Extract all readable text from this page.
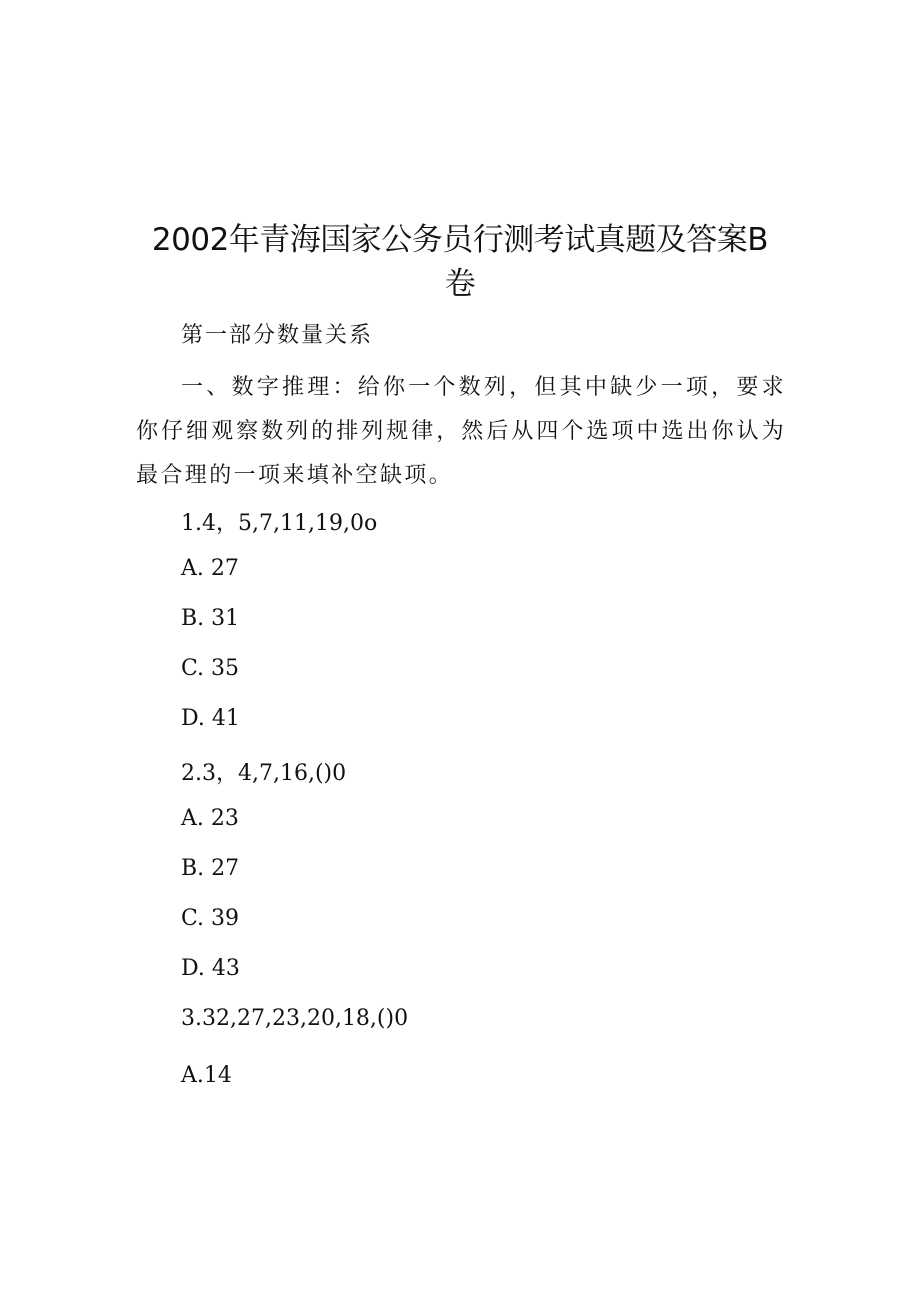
2002年青海国家公务员行测考试真题及答案B卷
第一部分数量关系
一、数字推理：给你一个数列，但其中缺少一项，要求你仔细观察数列的排列规律，然后从四个选项中选出你认为最合理的一项来填补空缺项。
1.4，5,7,11,19,0o
A. 27
B. 31
C. 35
D. 41
2.3，4,7,16,()0
A. 23
B. 27
C. 39
D. 43
3.32,27,23,20,18,()0
A.14
